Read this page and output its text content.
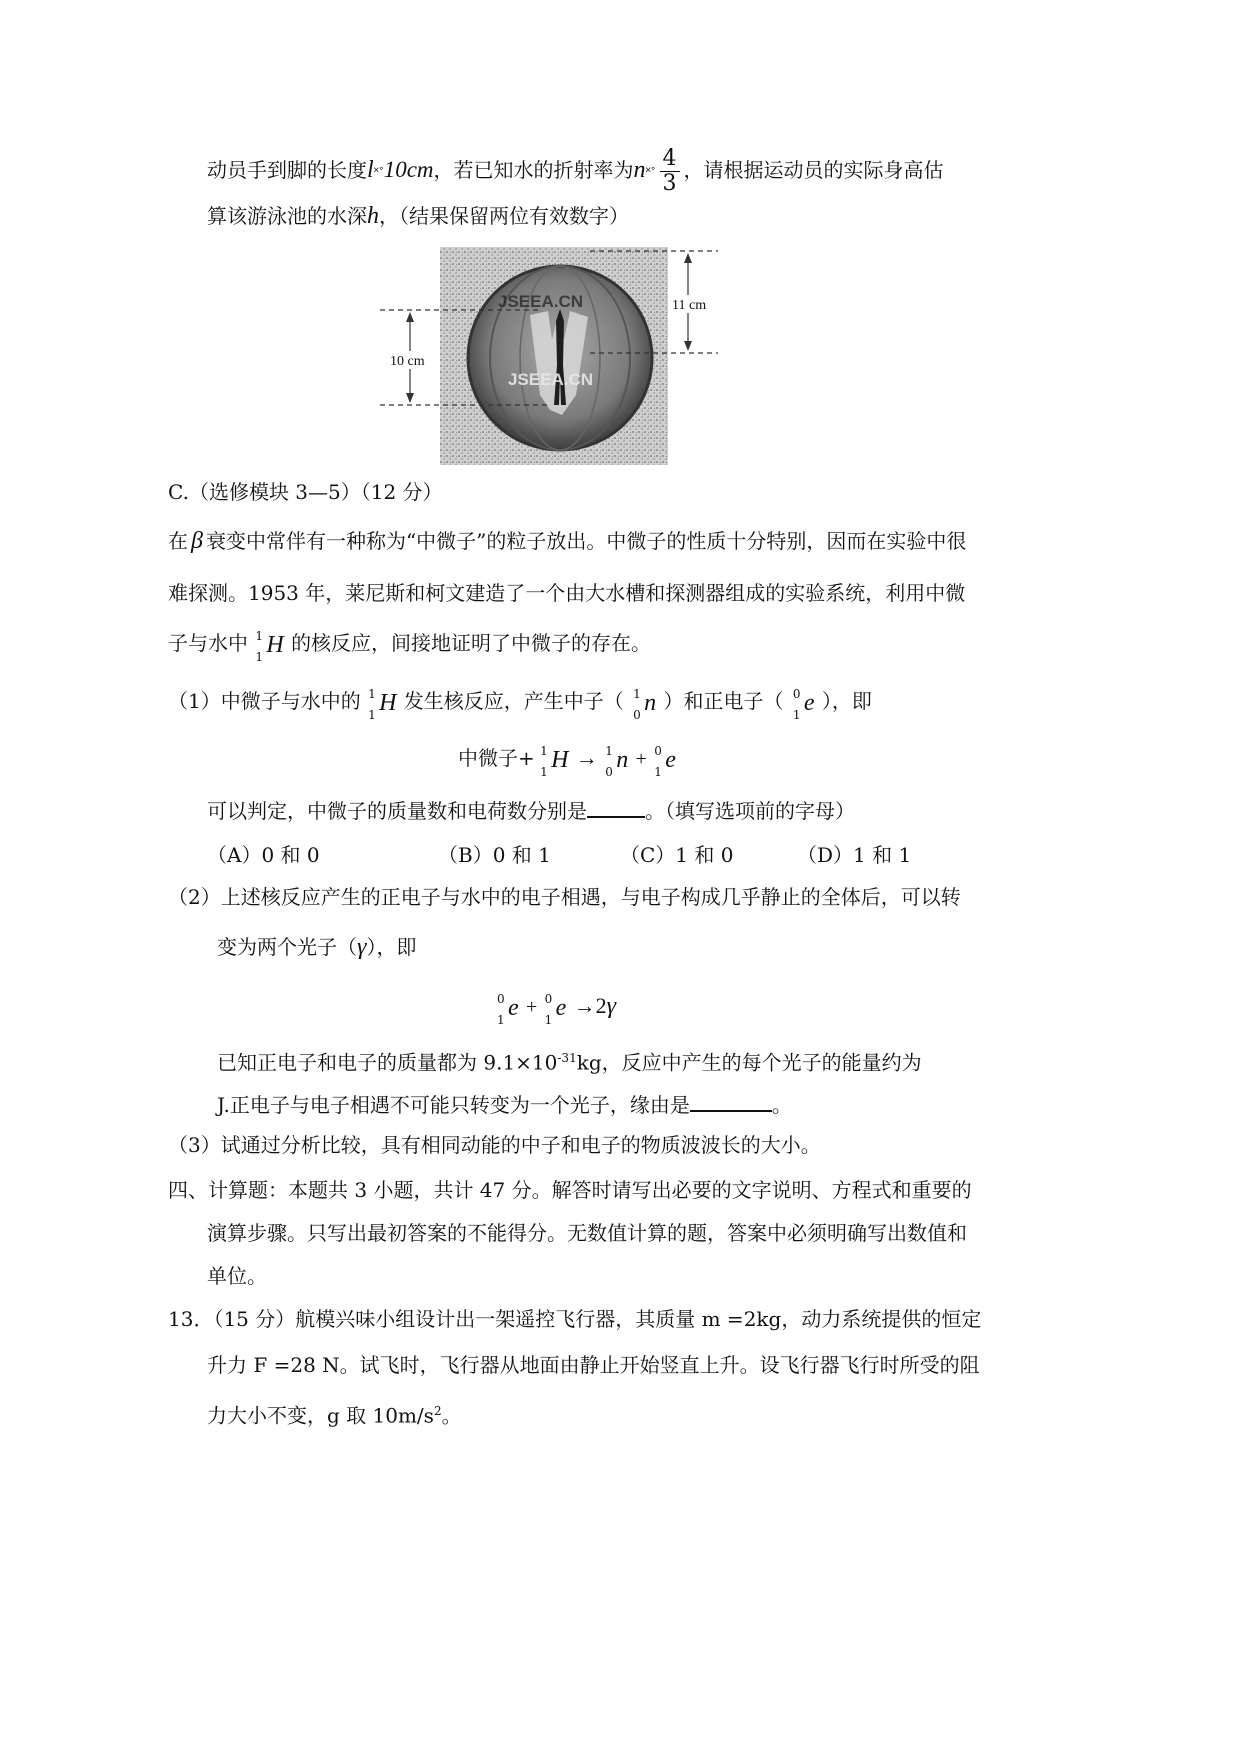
动员手到脚的长度l˟˚10cm，若已知水的折射率为n˟˚ $\frac{4}{3}$ ，请根据运动员的实际身高估
算该游泳池的水深h，（结果保留两位有效数字）
JSEEA.CN
JSEEA.CN
11 cm
10 cm
C.（选修模块 3—5）（12 分）
在 β 衰变中常伴有一种称为“中微子”的粒子放出。中微子的性质十分特别，因而在实验中很
难探测。1953 年，莱尼斯和柯文建造了一个由大水槽和探测器组成的实验系统，利用中微
子与水中 1
1 H 的核反应，间接地证明了中微子的存在。
（1）中微子与水中的 1
1 H 发生核反应，产生中子（ 1
0 n ）和正电子（ 0
1 e ），即
中微子+ 1
1 H → 1
0 n + 0
1 e
可以判定，中微子的质量数和电荷数分别是	。（填写选项前的字母）
（A）0 和 0	（B）0 和 1	（C）1 和 0	（D）1 和 1
（2）上述核反应产生的正电子与水中的电子相遇，与电子构成几乎静止的全体后，可以转
变为两个光子（γ），即
0
1 e + 0
1 e →2γ
已知正电子和电子的质量都为 $9.1\times 10^{-31}kg$，反应中产生的每个光子的能量约为
J.正电子与电子相遇不可能只转变为一个光子，缘由是	。
（3）试通过分析比较，具有相同动能的中子和电子的物质波波长的大小。
四、计算题：本题共 3 小题，共计 47 分。解答时请写出必要的文字说明、方程式和重要的
演算步骤。只写出最初答案的不能得分。无数值计算的题，答案中必须明确写出数值和
单位。
13．（15 分）航模兴味小组设计出一架遥控飞行器，其质量 m =2kg，动力系统提供的恒定
升力 F =28 N。试飞时，飞行器从地面由静止开始竖直上升。设飞行器飞行时所受的阻
力大小不变，g 取 $10m/s^2$。
